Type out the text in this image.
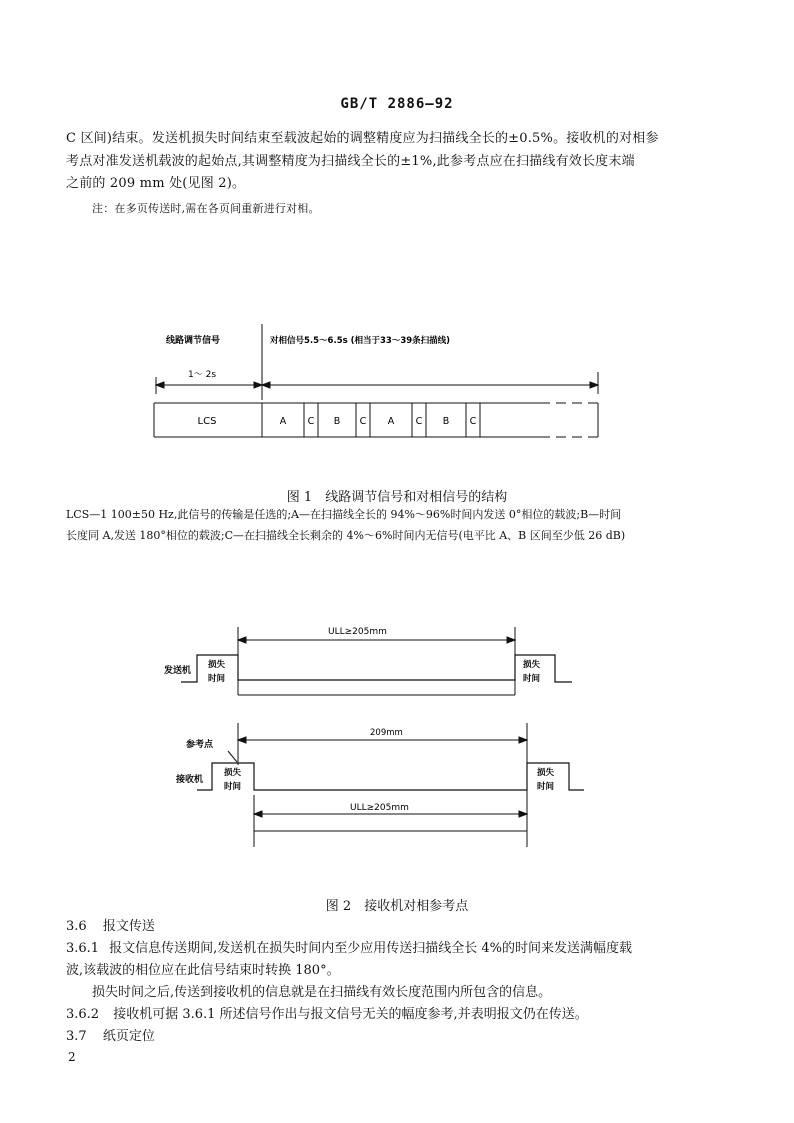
GB/T 2886—92
C 区间)结束。发送机损失时间结束至载波起始的调整精度应为扫描线全长的±0.5%。接收机的对相参
考点对准发送机载波的起始点,其调整精度为扫描线全长的±1%,此参考点应在扫描线有效长度末端
之前的 209 mm 处(见图 2)。
注：在多页传送时,需在各页间重新进行对相。
线路调节信号	对相信号5.5～6.5s (相当于33～39条扫描线)
1～ 2s
LCS	A C B C A C B C
图 1　线路调节信号和对相信号的结构
LCS—1 100±50 Hz,此信号的传输是任选的;A—在扫描线全长的 94%～96%时间内发送 0°相位的载波;B—时间
长度同 A,发送 180°相位的载波;C—在扫描线全长剩余的 4%～6%时间内无信号(电平比 A、B 区间至少低 26 dB)
ULL≥205mm
发送机
损失
时间
损失
时间
参考点
209mm
接收机
损失
时间
损失
时间
ULL≥205mm
图 2　接收机对相参考点
3.6 报文传送
3.6.1 报文信息传送期间,发送机在损失时间内至少应用传送扫描线全长 4%的时间来发送满幅度载
波,该载波的相位应在此信号结束时转换 180°。
损失时间之后,传送到接收机的信息就是在扫描线有效长度范围内所包含的信息。
3.6.2 接收机可据 3.6.1 所述信号作出与报文信号无关的幅度参考,并表明报文仍在传送。
3.7 纸页定位
2
